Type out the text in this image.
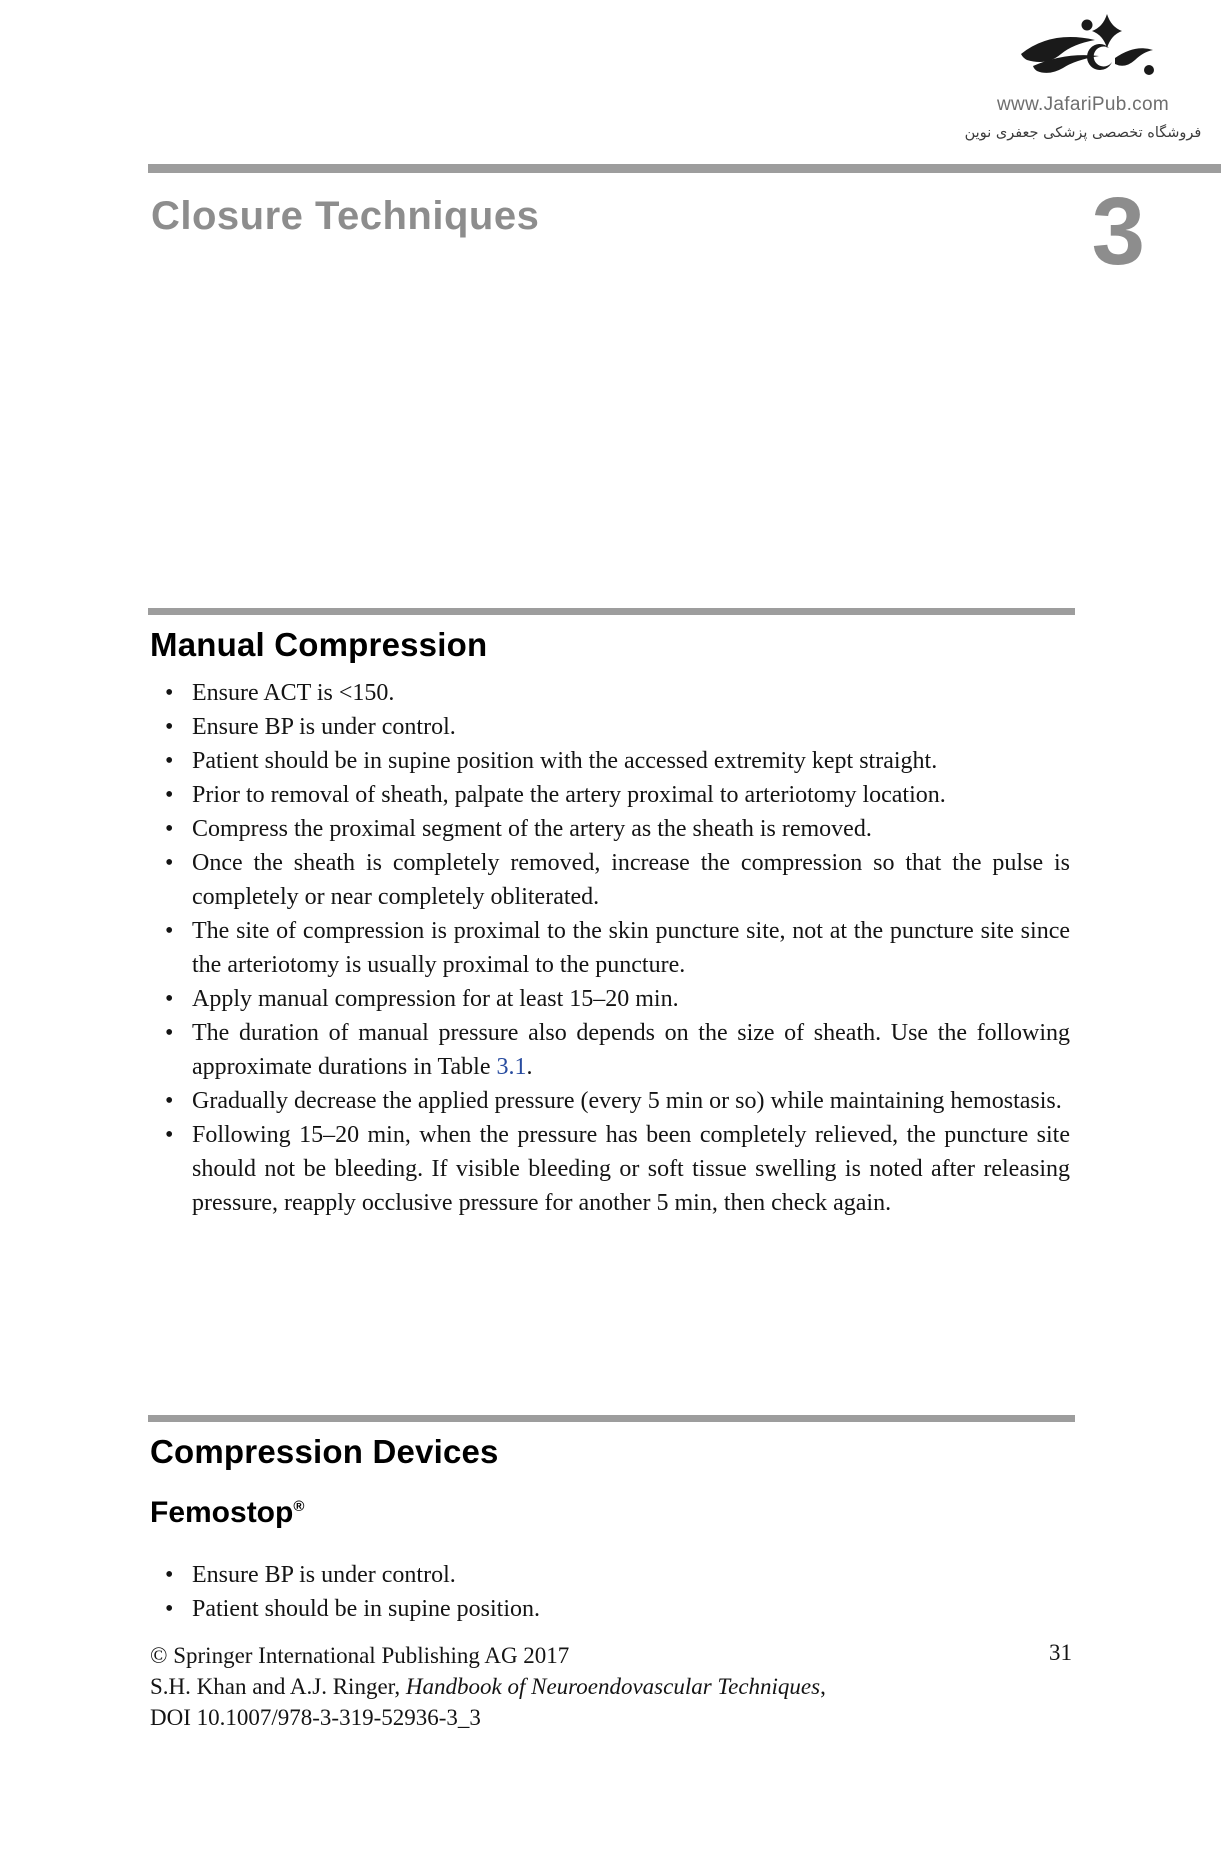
www.JafariPub.com
فروشگاه تخصصی پزشکی جعفری نوین
Closure Techniques	3
Manual Compression
• Ensure ACT is <150.
• Ensure BP is under control.
• Patient should be in supine position with the accessed extremity kept straight.
• Prior to removal of sheath, palpate the artery proximal to arteriotomy location.
• Compress the proximal segment of the artery as the sheath is removed.
• Once the sheath is completely removed, increase the compression so that the pulse is completely or near completely obliterated.
• The site of compression is proximal to the skin puncture site, not at the puncture site since the arteriotomy is usually proximal to the puncture.
• Apply manual compression for at least 15–20 min.
• The duration of manual pressure also depends on the size of sheath. Use the following approximate durations in Table 3.1.
• Gradually decrease the applied pressure (every 5 min or so) while maintaining hemostasis.
• Following 15–20 min, when the pressure has been completely relieved, the puncture site should not be bleeding. If visible bleeding or soft tissue swelling is noted after releasing pressure, reapply occlusive pressure for another 5 min, then check again.
Compression Devices
Femostop®
• Ensure BP is under control.
• Patient should be in supine position.
© Springer International Publishing AG 2017
S.H. Khan and A.J. Ringer, Handbook of Neuroendovascular Techniques,
DOI 10.1007/978-3-319-52936-3_3
31
